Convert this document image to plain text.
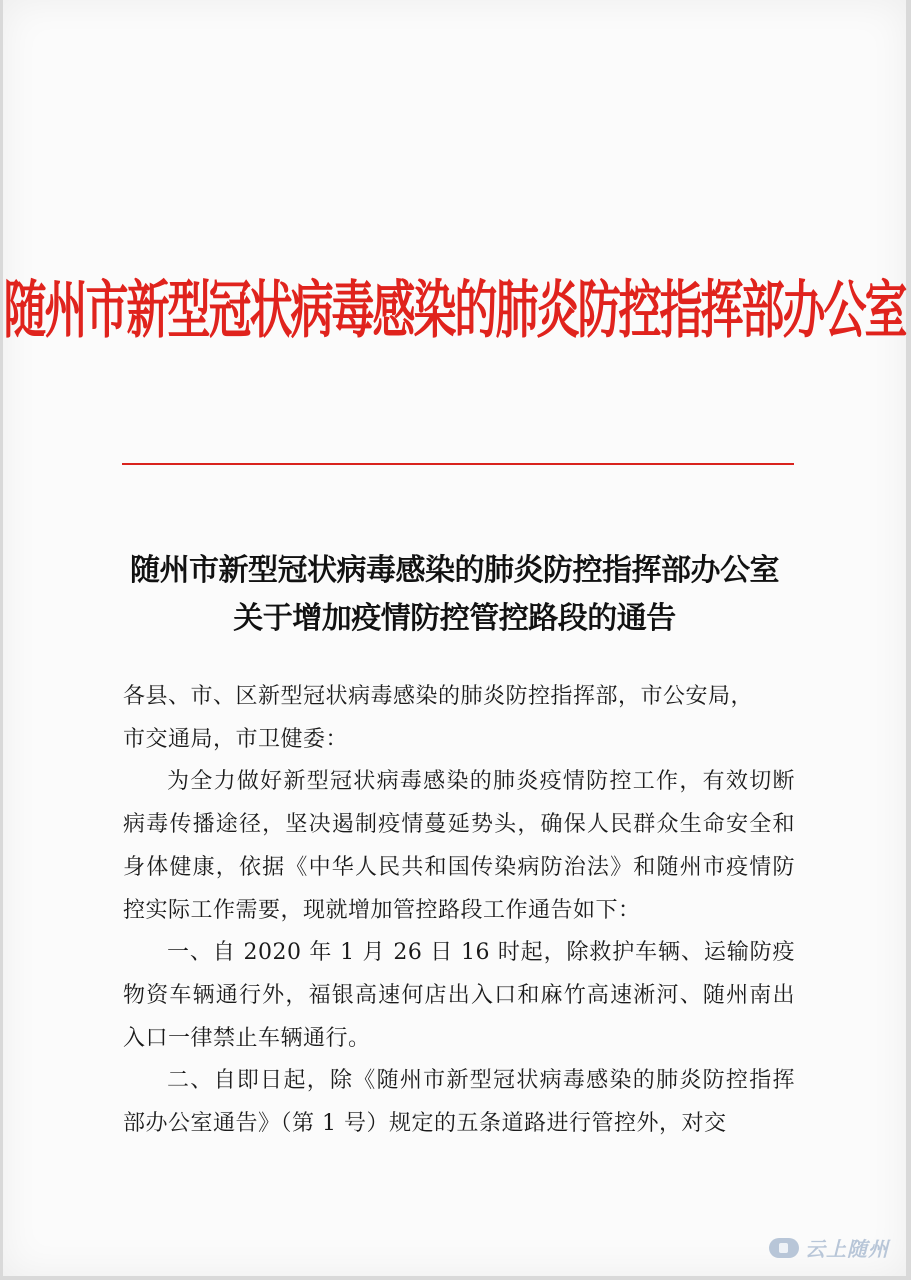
随州市新型冠状病毒感染的肺炎防控指挥部办公室
随州市新型冠状病毒感染的肺炎防控指挥部办公室
关于增加疫情防控管控路段的通告

各县、市、区新型冠状病毒感染的肺炎防控指挥部，市公安局，

市交通局，市卫健委：

为全力做好新型冠状病毒感染的肺炎疫情防控工作，有效切断病毒传播途径，坚决遏制疫情蔓延势头，确保人民群众生命安全和身体健康，依据《中华人民共和国传染病防治法》和随州市疫情防控实际工作需要，现就增加管控路段工作通告如下：

一、自 2020 年 1 月 26 日 16 时起，除救护车辆、运输防疫物资车辆通行外，福银高速何店出入口和麻竹高速淅河、随州南出入口一律禁止车辆通行。

二、自即日起，除《随州市新型冠状病毒感染的肺炎防控指挥部办公室通告》（第 1 号）规定的五条道路进行管控外，对交

云上随州
